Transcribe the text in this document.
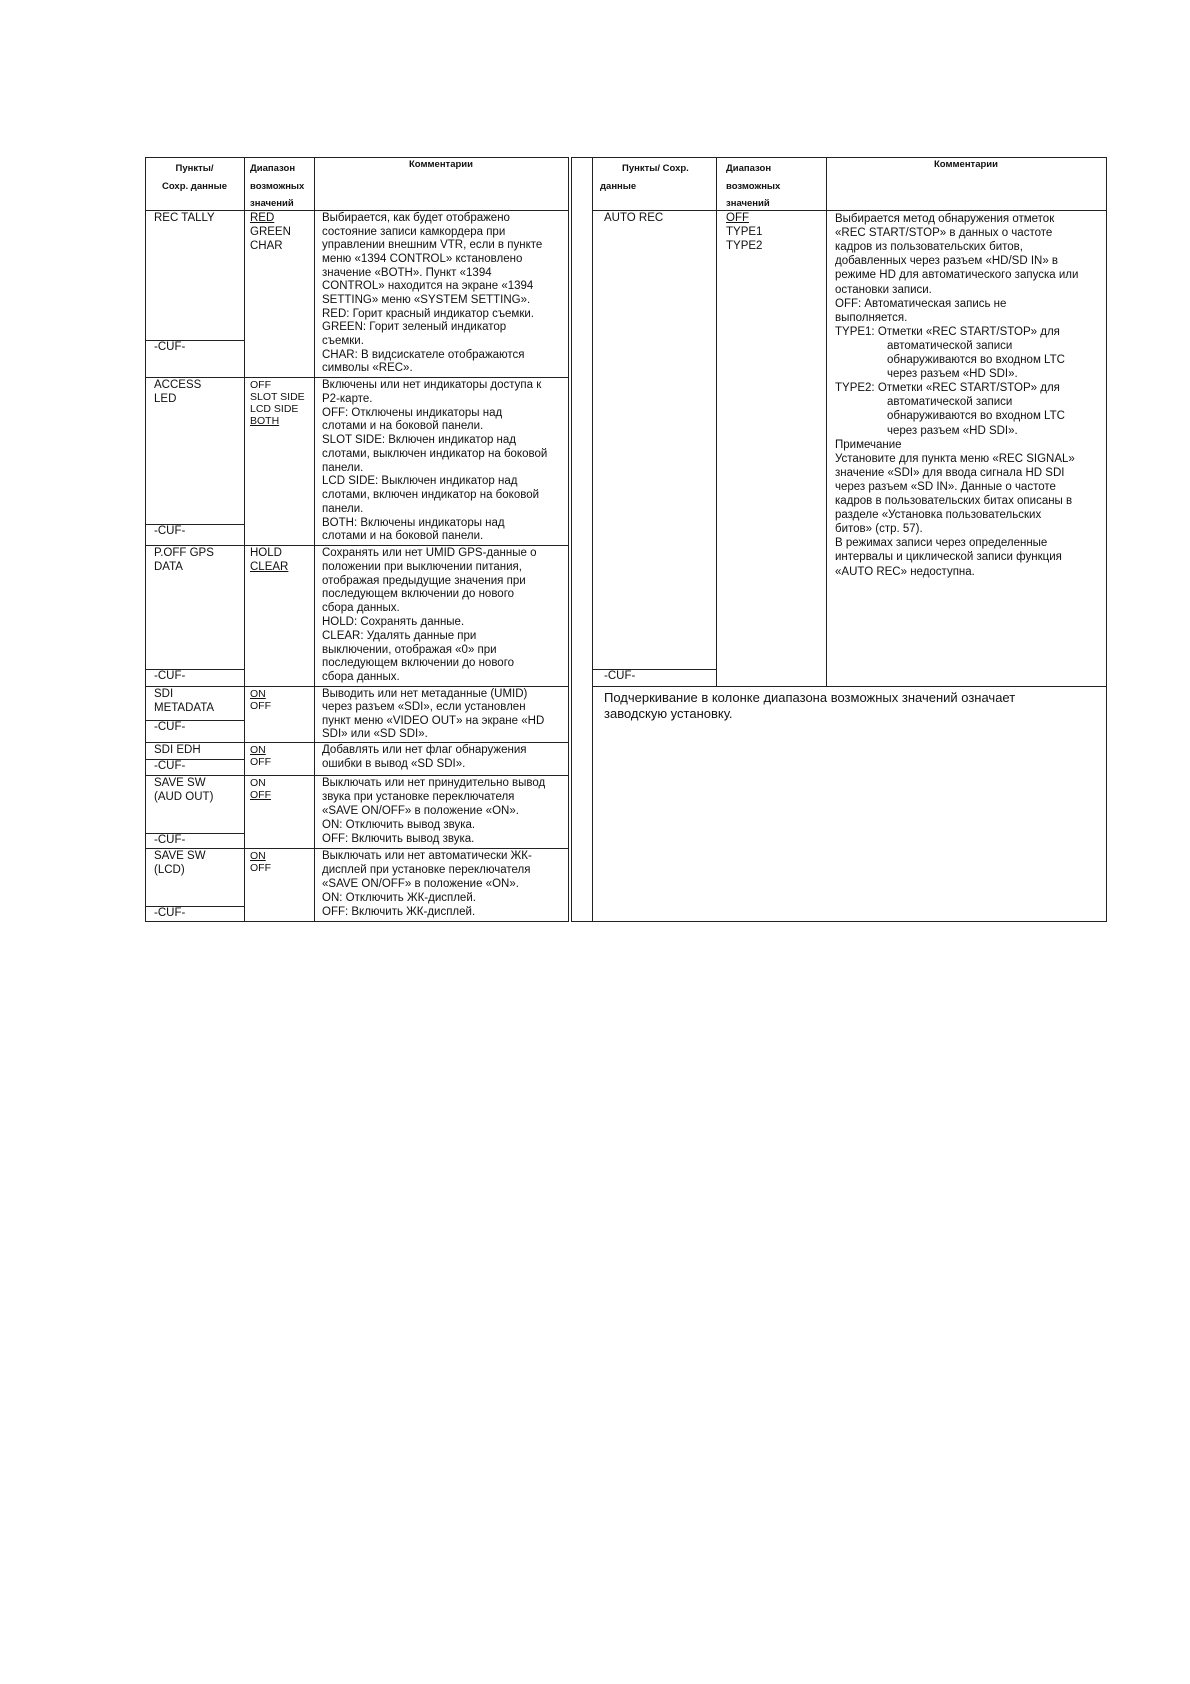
Пункты/
Сохр. данные
Диапазон
возможных
значений
Комментарии
REC TALLY
-CUF-
RED
GREEN
CHAR
Выбирается, как будет отображено
состояние записи камкордера при
управлении внешним VTR, если в пункте
меню «1394 CONTROL» кстановлено
значение «BOTH». Пункт «1394
CONTROL» находится на экране «1394
SETTING» меню «SYSTEM SETTING».
RED: Горит красный индикатор съемки.
GREEN: Горит зеленый индикатор
съемки.
CHAR: В видсискателе отображаются
символы «REC».
ACCESS
LED
-CUF-
OFF
SLOT SIDE
LCD SIDE
BOTH
Включены или нет индикаторы доступа к
P2-карте.
OFF: Отключены индикаторы над
слотами и на боковой панели.
SLOT SIDE: Включен индикатор над
слотами, выключен индикатор на боковой
панели.
LCD SIDE: Выключен индикатор над
слотами, включен индикатор на боковой
панели.
BOTH: Включены индикаторы над
слотами и на боковой панели.
P.OFF GPS
DATA
-CUF-
HOLD
CLEAR
Сохранять или нет UMID GPS-данные о
положении при выключении питания,
отображая предыдущие значения при
последующем включении до нового
сбора данных.
HOLD: Сохранять данные.
CLEAR: Удалять данные при
выключении, отображая «0» при
последующем включении до нового
сбора данных.
SDI
METADATA
-CUF-
ON
OFF
Выводить или нет метаданные (UMID)
через разъем «SDI», если установлен
пункт меню «VIDEO OUT» на экране «HD
SDI» или «SD SDI».
SDI EDH
-CUF-
ON
OFF
Добавлять или нет флаг обнаружения
ошибки в вывод «SD SDI».
SAVE SW
(AUD OUT)
-CUF-
ON
OFF
Выключать или нет принудительно вывод
звука при установке переключателя
«SAVE ON/OFF» в положение «ON».
ON: Отключить вывод звука.
OFF: Включить вывод звука.
SAVE SW
(LCD)
-CUF-
ON
OFF
Выключать или нет автоматически ЖК-
дисплей при установке переключателя
«SAVE ON/OFF» в положение «ON».
ON: Отключить ЖК-дисплей.
OFF: Включить ЖК-дисплей.
Пункты/ Сохр.
данные
Диапазон
возможных
значений
Комментарии
AUTO REC
-CUF-
OFF
TYPE1
TYPE2
Выбирается метод обнаружения отметок
«REC START/STOP» в данных о частоте
кадров из пользовательских битов,
добавленных через разъем «HD/SD IN» в
режиме HD для автоматического запуска или
остановки записи.
OFF: Автоматическая запись не
выполняется.
TYPE1: Отметки «REC START/STOP» для
автоматической записи
обнаруживаются во входном LTC
через разъем «HD SDI».
TYPE2: Отметки «REC START/STOP» для
автоматической записи
обнаруживаются во входном LTC
через разъем «HD SDI».
Примечание
Установите для пункта меню «REC SIGNAL»
значение «SDI» для ввода сигнала HD SDI
через разъем «SD IN». Данные о частоте
кадров в пользовательских битах описаны в
разделе «Установка пользовательских
битов» (стр. 57).
В режимах записи через определенные
интервалы и циклической записи функция
«AUTO REC» недоступна.
Подчеркивание в колонке диапазона возможных значений означает
заводскую установку.
